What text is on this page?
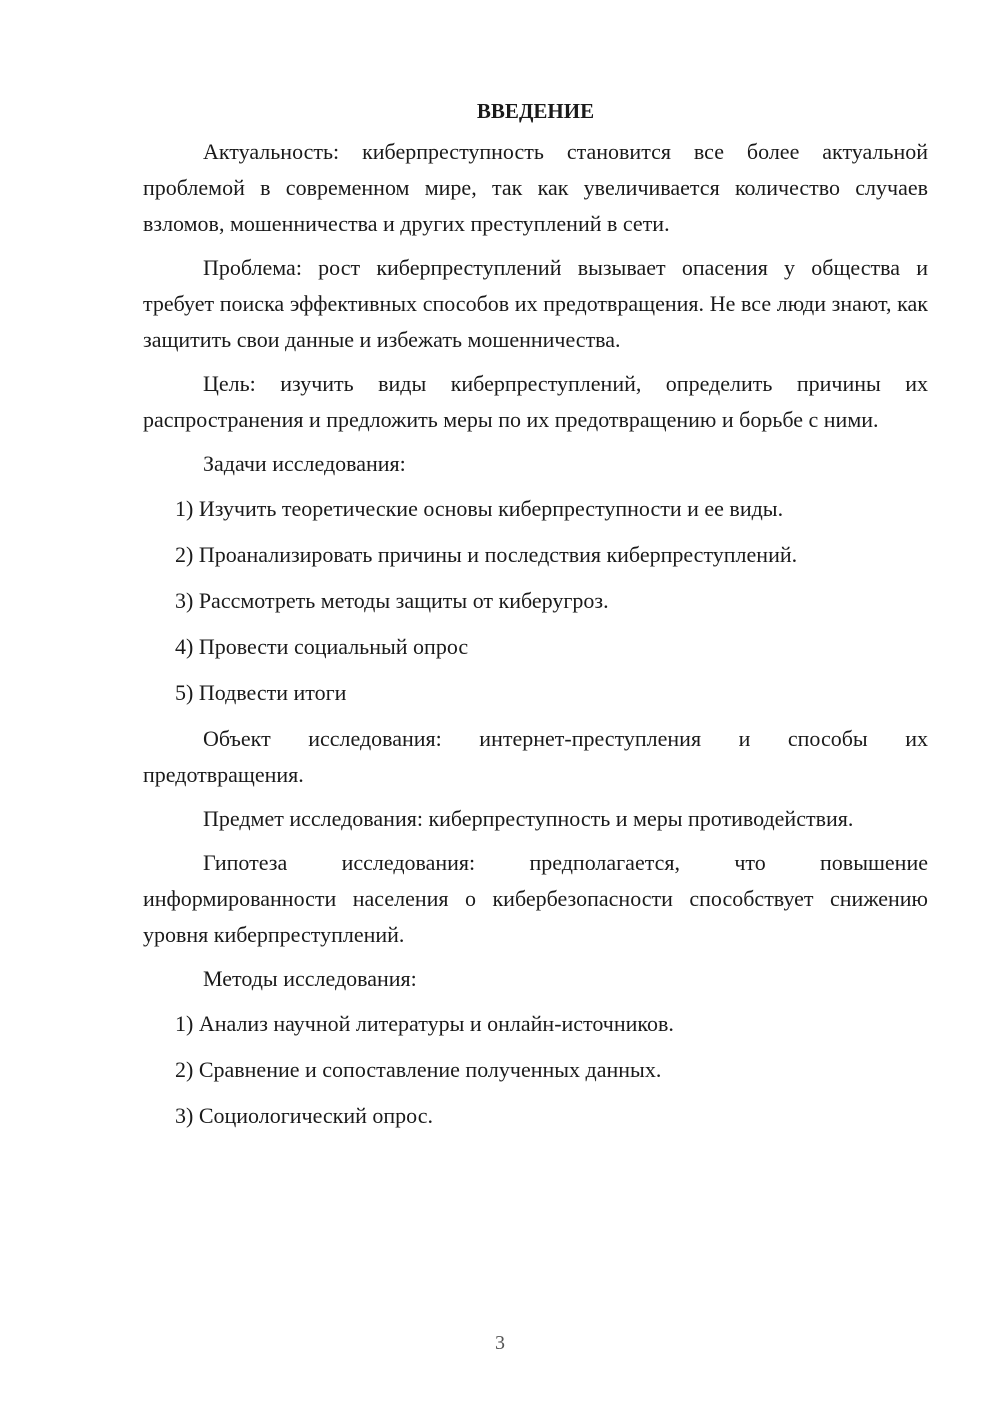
ВВЕДЕНИЕ

Актуальность: киберпреступность становится все более актуальной проблемой в современном мире, так как увеличивается количество случаев взломов, мошенничества и других преступлений в сети.

Проблема: рост киберпреступлений вызывает опасения у общества и требует поиска эффективных способов их предотвращения. Не все люди знают, как защитить свои данные и избежать мошенничества.

Цель: изучить виды киберпреступлений, определить причины их распространения и предложить меры по их предотвращению и борьбе с ними.

Задачи исследования:

1) Изучить теоретические основы киберпреступности и ее виды.
2) Проанализировать причины и последствия киберпреступлений.
3) Рассмотреть методы защиты от киберугроз.
4) Провести социальный опрос
5) Подвести итоги

Объект исследования: интернет-преступления и способы их предотвращения.

Предмет исследования: киберпреступность и меры противодействия.

Гипотеза исследования: предполагается, что повышение информированности населения о кибербезопасности способствует снижению уровня киберпреступлений.

Методы исследования:

1) Анализ научной литературы и онлайн-источников.
2) Сравнение и сопоставление полученных данных.
3) Социологический опрос.
3
